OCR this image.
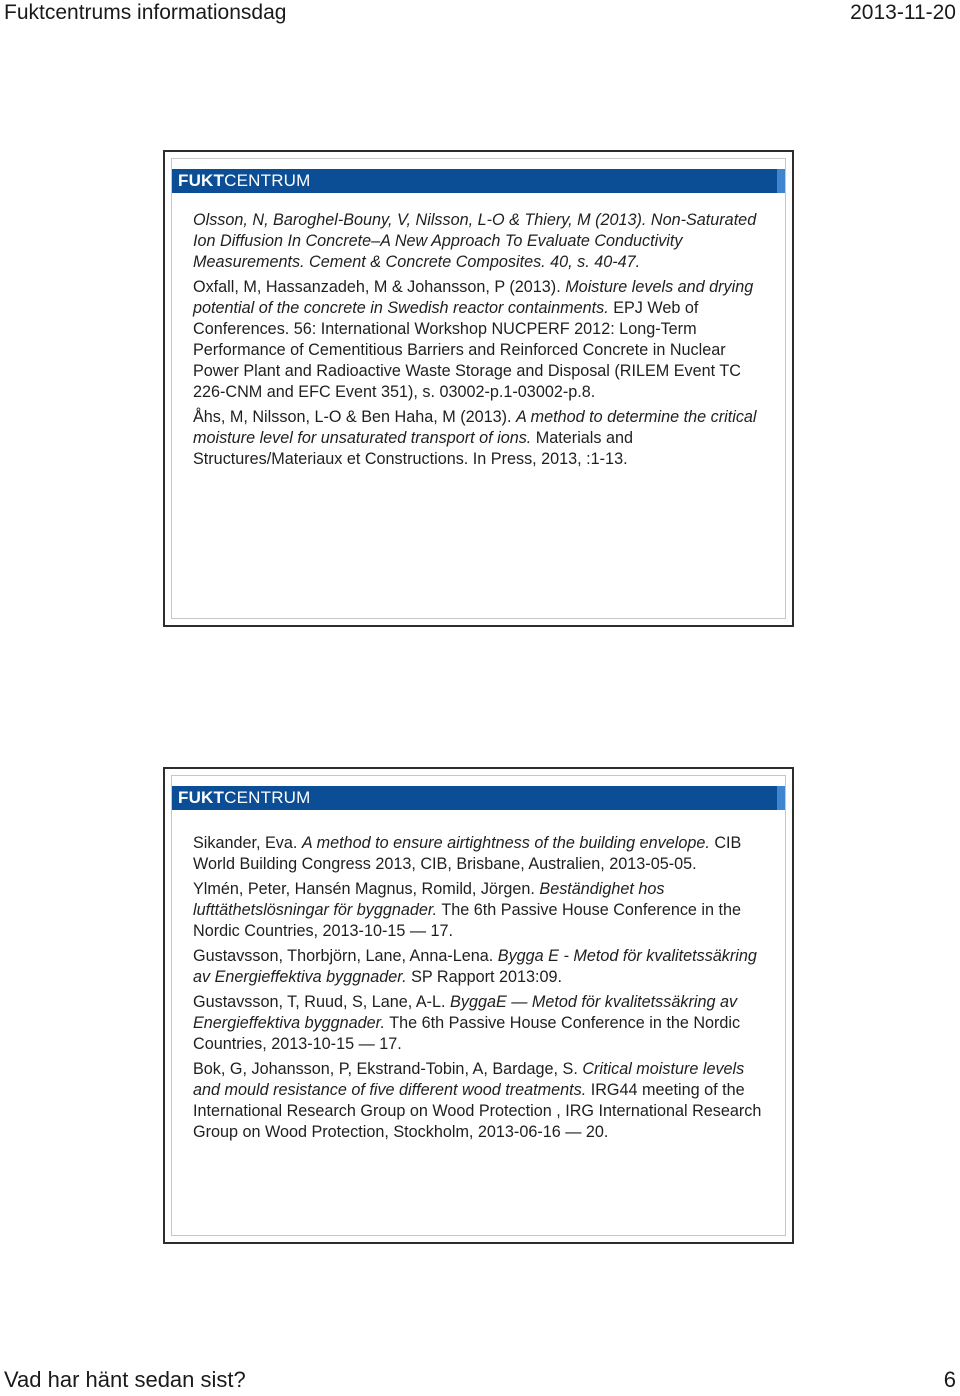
Fuktcentrums informationsdag	2013-11-20
FUKTCENTRUM

Olsson, N, Baroghel-Bouny, V, Nilsson, L-O & Thiery, M (2013). Non-Saturated Ion Diffusion In Concrete–A New Approach To Evaluate Conductivity Measurements. Cement & Concrete Composites. 40, s. 40-47.

Oxfall, M, Hassanzadeh, M & Johansson, P (2013). Moisture levels and drying potential of the concrete in Swedish reactor containments. EPJ Web of Conferences. 56: International Workshop NUCPERF 2012: Long-Term Performance of Cementitious Barriers and Reinforced Concrete in Nuclear Power Plant and Radioactive Waste Storage and Disposal (RILEM Event TC 226-CNM and EFC Event 351), s. 03002-p.1-03002-p.8.

Åhs, M, Nilsson, L-O & Ben Haha, M (2013). A method to determine the critical moisture level for unsaturated transport of ions. Materials and Structures/Materiaux et Constructions. In Press, 2013, :1-13.

FUKTCENTRUM

Sikander, Eva. A method to ensure airtightness of the building envelope. CIB World Building Congress 2013, CIB, Brisbane, Australien, 2013-05-05.

Ylmén, Peter, Hansén Magnus, Romild, Jörgen. Beständighet hos lufttäthetslösningar för byggnader. The 6th Passive House Conference in the Nordic Countries, 2013-10-15 — 17.

Gustavsson, Thorbjörn, Lane, Anna-Lena. Bygga E - Metod för kvalitetssäkring av Energieffektiva byggnader. SP Rapport 2013:09.

Gustavsson, T, Ruud, S, Lane, A-L. ByggaE — Metod för kvalitetssäkring av Energieffektiva byggnader. The 6th Passive House Conference in the Nordic Countries, 2013-10-15 — 17.

Bok, G, Johansson, P, Ekstrand-Tobin, A, Bardage, S. Critical moisture levels and mould resistance of five different wood treatments. IRG44 meeting of the International Research Group on Wood Protection , IRG International Research Group on Wood Protection, Stockholm, 2013-06-16 — 20.

Vad har hänt sedan sist?	6
